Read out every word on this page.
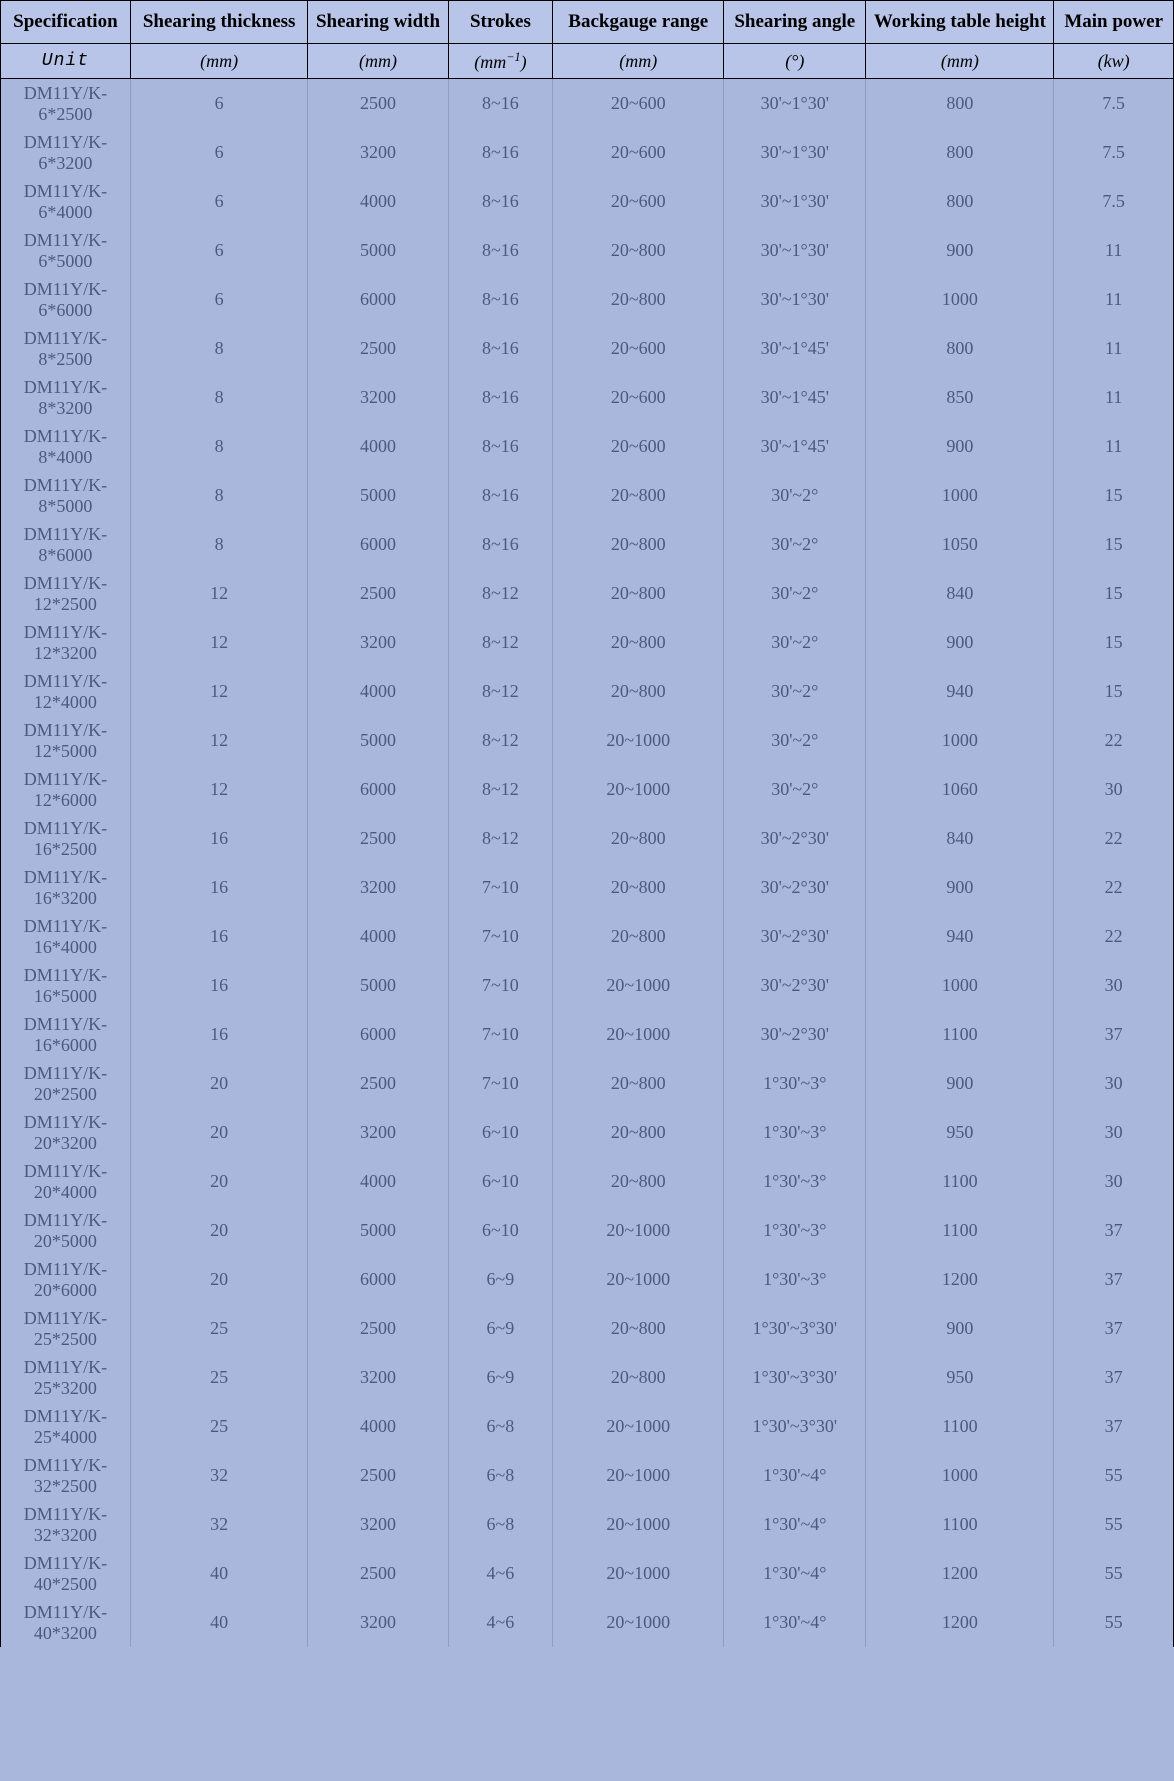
Specification	Shearing thickness	Shearing width	Strokes	Backgauge range	Shearing angle	Working table height	Main power
Unit	(mm)	(mm)	$(mm^{-1})$	(mm)	(°)	(mm)	(kw)
DM11Y/K-6*2500	6	2500	8~16	20~600	30'~1°30'	800	7.5
DM11Y/K-6*3200	6	3200	8~16	20~600	30'~1°30'	800	7.5
DM11Y/K-6*4000	6	4000	8~16	20~600	30'~1°30'	800	7.5
DM11Y/K-6*5000	6	5000	8~16	20~800	30'~1°30'	900	11
DM11Y/K-6*6000	6	6000	8~16	20~800	30'~1°30'	1000	11
DM11Y/K-8*2500	8	2500	8~16	20~600	30'~1°45'	800	11
DM11Y/K-8*3200	8	3200	8~16	20~600	30'~1°45'	850	11
DM11Y/K-8*4000	8	4000	8~16	20~600	30'~1°45'	900	11
DM11Y/K-8*5000	8	5000	8~16	20~800	30'~2°	1000	15
DM11Y/K-8*6000	8	6000	8~16	20~800	30'~2°	1050	15
DM11Y/K-12*2500	12	2500	8~12	20~800	30'~2°	840	15
DM11Y/K-12*3200	12	3200	8~12	20~800	30'~2°	900	15
DM11Y/K-12*4000	12	4000	8~12	20~800	30'~2°	940	15
DM11Y/K-12*5000	12	5000	8~12	20~1000	30'~2°	1000	22
DM11Y/K-12*6000	12	6000	8~12	20~1000	30'~2°	1060	30
DM11Y/K-16*2500	16	2500	8~12	20~800	30'~2°30'	840	22
DM11Y/K-16*3200	16	3200	7~10	20~800	30'~2°30'	900	22
DM11Y/K-16*4000	16	4000	7~10	20~800	30'~2°30'	940	22
DM11Y/K-16*5000	16	5000	7~10	20~1000	30'~2°30'	1000	30
DM11Y/K-16*6000	16	6000	7~10	20~1000	30'~2°30'	1100	37
DM11Y/K-20*2500	20	2500	7~10	20~800	1°30'~3°	900	30
DM11Y/K-20*3200	20	3200	6~10	20~800	1°30'~3°	950	30
DM11Y/K-20*4000	20	4000	6~10	20~800	1°30'~3°	1100	30
DM11Y/K-20*5000	20	5000	6~10	20~1000	1°30'~3°	1100	37
DM11Y/K-20*6000	20	6000	6~9	20~1000	1°30'~3°	1200	37
DM11Y/K-25*2500	25	2500	6~9	20~800	1°30'~3°30'	900	37
DM11Y/K-25*3200	25	3200	6~9	20~800	1°30'~3°30'	950	37
DM11Y/K-25*4000	25	4000	6~8	20~1000	1°30'~3°30'	1100	37
DM11Y/K-32*2500	32	2500	6~8	20~1000	1°30'~4°	1000	55
DM11Y/K-32*3200	32	3200	6~8	20~1000	1°30'~4°	1100	55
DM11Y/K-40*2500	40	2500	4~6	20~1000	1°30'~4°	1200	55
DM11Y/K-40*3200	40	3200	4~6	20~1000	1°30'~4°	1200	55
